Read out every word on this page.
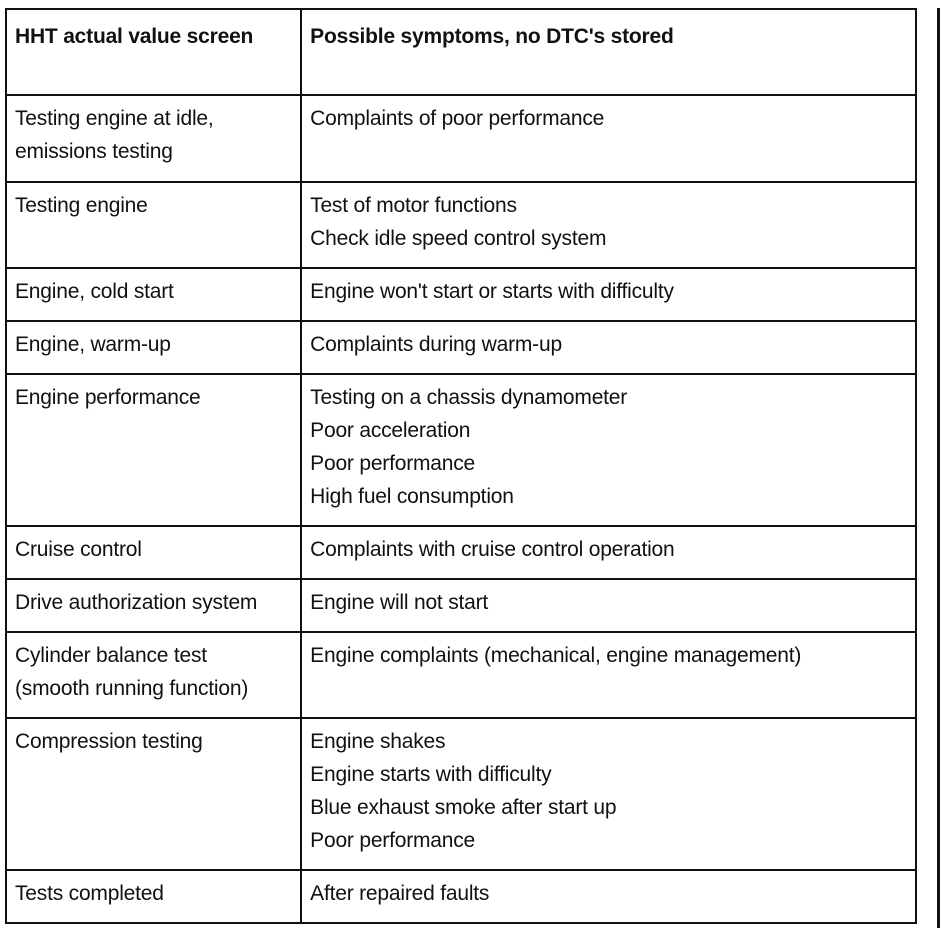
HHT actual value screen	Possible symptoms, no DTC's stored

Testing engine at idle,
emissions testing	Complaints of poor performance

Testing engine	Test of motor functions
Check idle speed control system

Engine, cold start	Engine won't start or starts with difficulty

Engine, warm-up	Complaints during warm-up

Engine performance	Testing on a chassis dynamometer
Poor acceleration
Poor performance
High fuel consumption

Cruise control	Complaints with cruise control operation

Drive authorization system	Engine will not start

Cylinder balance test
(smooth running function)	Engine complaints (mechanical, engine management)

Compression testing	Engine shakes
Engine starts with difficulty
Blue exhaust smoke after start up
Poor performance

Tests completed	After repaired faults
